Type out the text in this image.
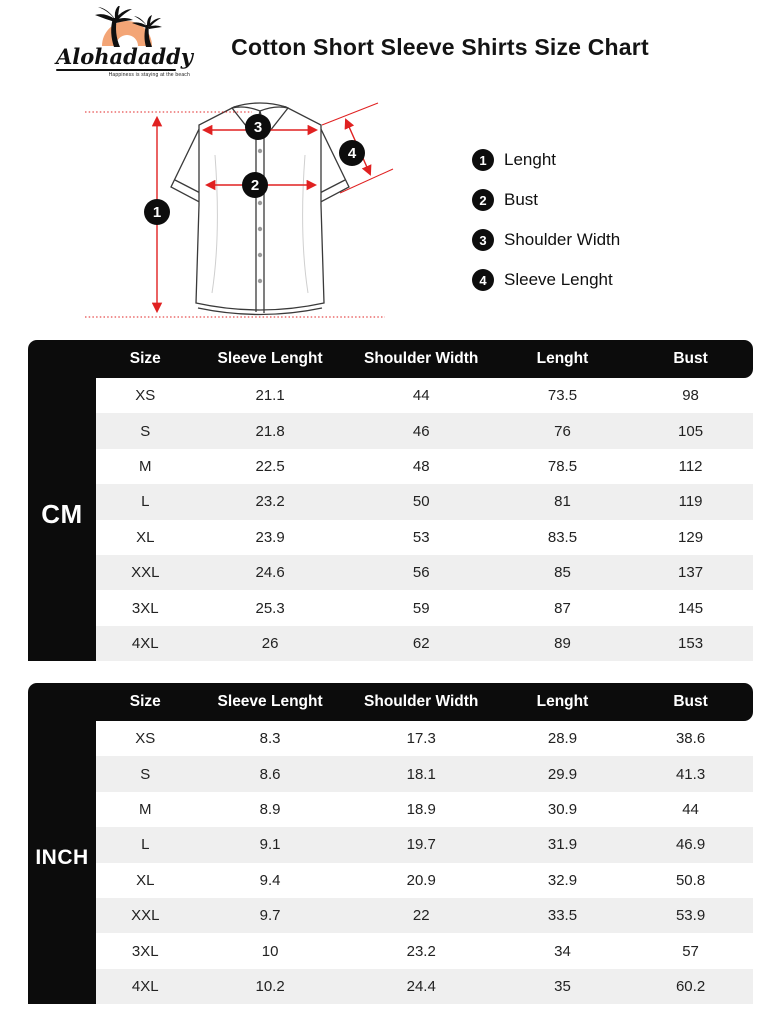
Alohadaddy
Happiness is staying at the beach
Cotton Short Sleeve Shirts Size Chart
1
2
3
4	1	Lenght
2	Bust
3	Shoulder Width
4	Sleeve Lenght
Size	Sleeve Lenght	Shoulder Width	Lenght	Bust
CM
XS	21.1	44	73.5	98
S	21.8	46	76	105
M	22.5	48	78.5	112
L	23.2	50	81	119
XL	23.9	53	83.5	129
XXL	24.6	56	85	137
3XL	25.3	59	87	145
4XL	26	62	89	153
Size	Sleeve Lenght	Shoulder Width	Lenght	Bust
INCH
XS	8.3	17.3	28.9	38.6
S	8.6	18.1	29.9	41.3
M	8.9	18.9	30.9	44
L	9.1	19.7	31.9	46.9
XL	9.4	20.9	32.9	50.8
XXL	9.7	22	33.5	53.9
3XL	10	23.2	34	57
4XL	10.2	24.4	35	60.2
